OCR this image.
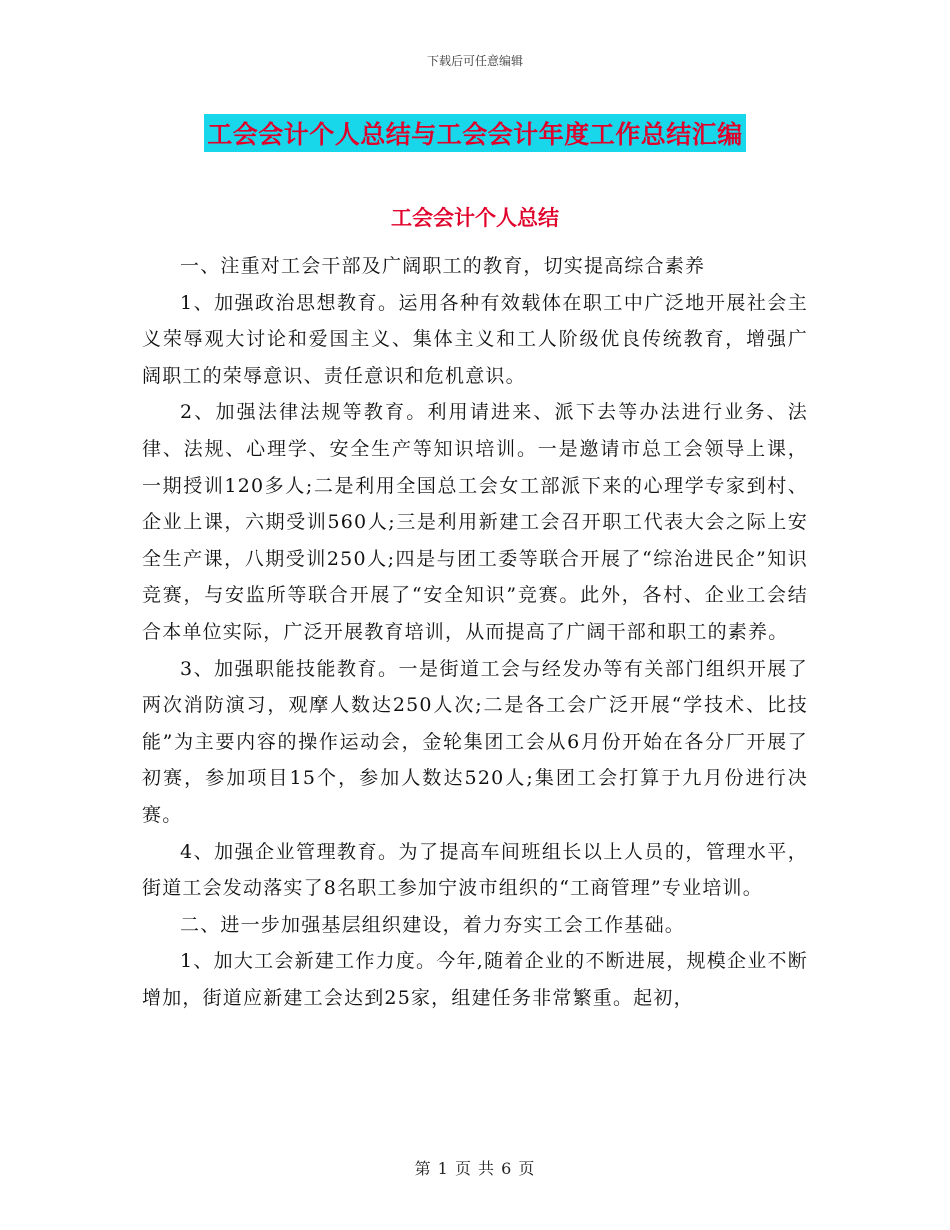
下载后可任意编辑
工会会计个人总结与工会会计年度工作总结汇编
工会会计个人总结

一、注重对工会干部及广阔职工的教育，切实提高综合素养

1、加强政治思想教育。运用各种有效载体在职工中广泛地开展社会主义荣辱观大讨论和爱国主义、集体主义和工人阶级优良传统教育，增强广阔职工的荣辱意识、责任意识和危机意识。

2、加强法律法规等教育。利用请进来、派下去等办法进行业务、法律、法规、心理学、安全生产等知识培训。一是邀请市总工会领导上课，一期授训120多人;二是利用全国总工会女工部派下来的心理学专家到村、企业上课，六期受训560人;三是利用新建工会召开职工代表大会之际上安全生产课，八期受训250人;四是与团工委等联合开展了“综治进民企”知识竞赛，与安监所等联合开展了“安全知识”竞赛。此外，各村、企业工会结合本单位实际，广泛开展教育培训，从而提高了广阔干部和职工的素养。

3、加强职能技能教育。一是街道工会与经发办等有关部门组织开展了两次消防演习，观摩人数达250人次;二是各工会广泛开展“学技术、比技能”为主要内容的操作运动会，金轮集团工会从6月份开始在各分厂开展了初赛，参加项目15个，参加人数达520人;集团工会打算于九月份进行决赛。

4、加强企业管理教育。为了提高车间班组长以上人员的，管理水平，街道工会发动落实了8名职工参加宁波市组织的“工商管理”专业培训。

二、进一步加强基层组织建设，着力夯实工会工作基础。

1、加大工会新建工作力度。今年,随着企业的不断进展，规模企业不断增加，街道应新建工会达到25家，组建任务非常繁重。起初，

第 1 页 共 6 页
